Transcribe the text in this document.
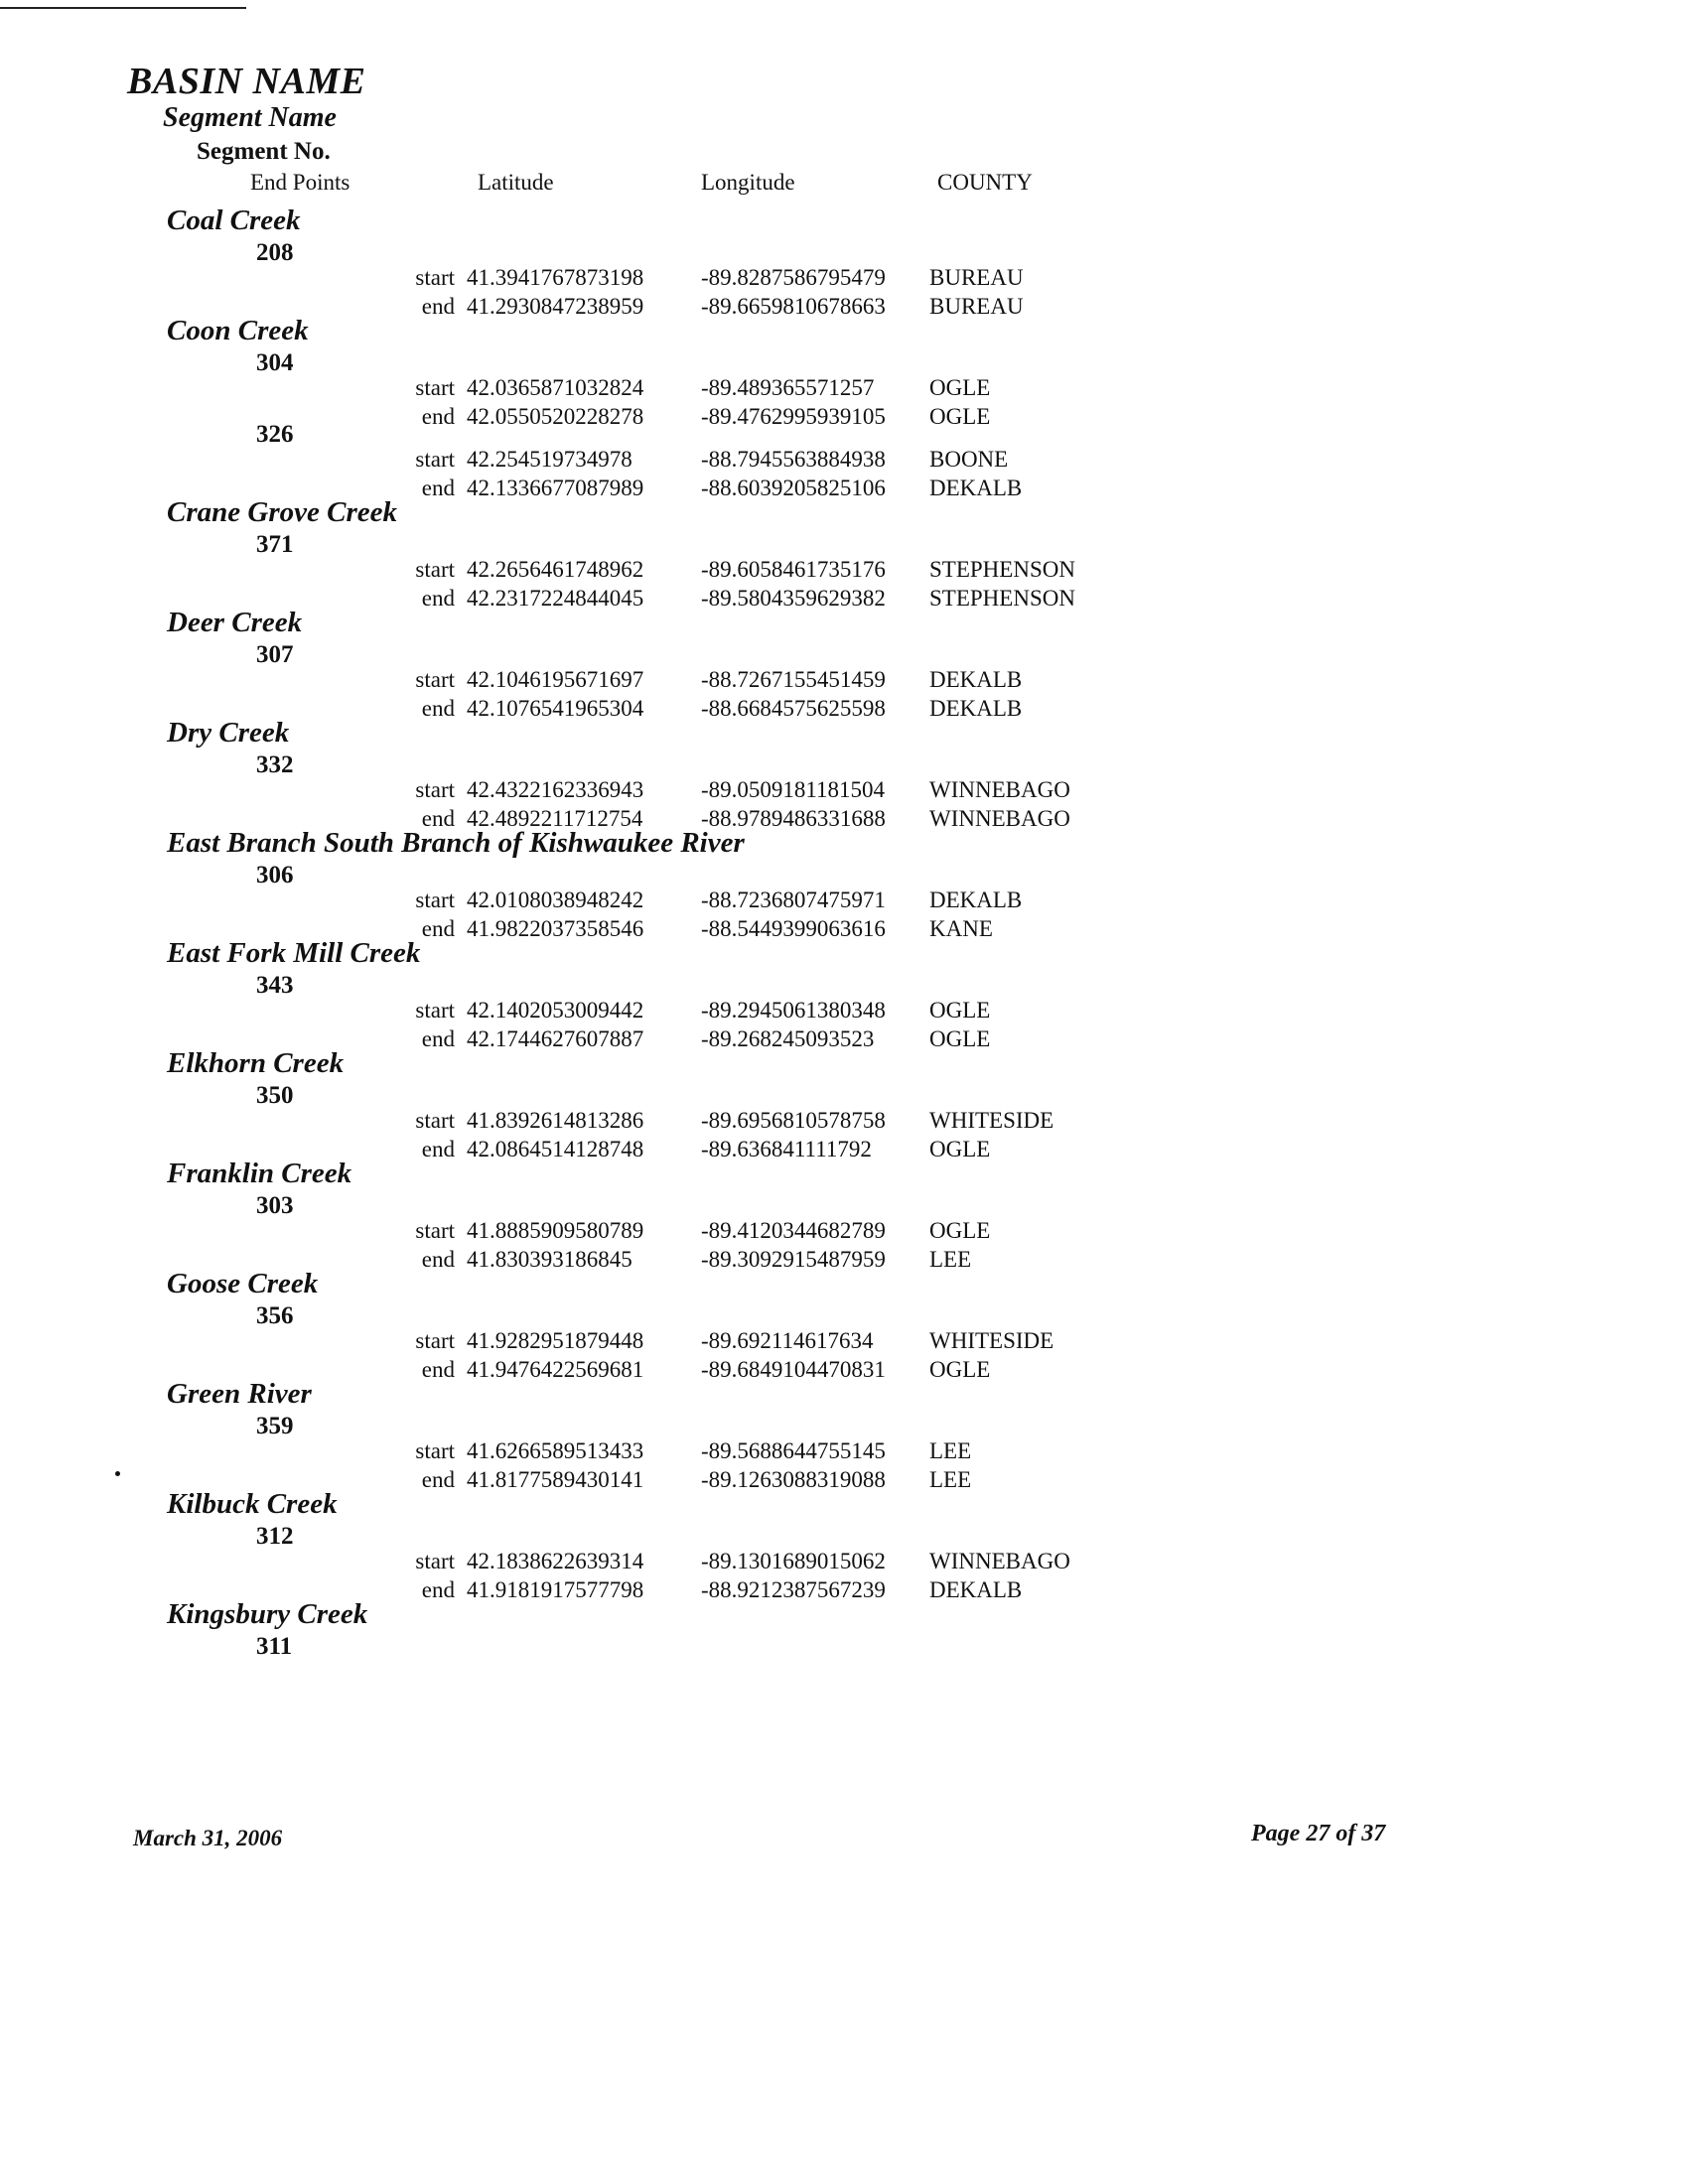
BASIN NAME
Segment Name
Segment No.
End Points	Latitude	Longitude	COUNTY
Coal Creek
208
start 41.3941767873198	-89.8287586795479 BUREAU
end 41.2930847238959	-89.6659810678663 BUREAU
Coon Creek
304
start 42.0365871032824	-89.489365571257 OGLE
end 42.0550520228278	-89.4762995939105 OGLE
326
start 42.254519734978	-88.7945563884938 BOONE
end 42.1336677087989	-88.6039205825106 DEKALB
Crane Grove Creek
371
start 42.2656461748962	-89.6058461735176 STEPHENSON
end 42.2317224844045	-89.5804359629382 STEPHENSON
Deer Creek
307
start 42.1046195671697	-88.7267155451459 DEKALB
end 42.1076541965304	-88.6684575625598 DEKALB
Dry Creek
332
start 42.4322162336943	-89.0509181181504 WINNEBAGO
end 42.4892211712754	-88.9789486331688 WINNEBAGO
East Branch South Branch of Kishwaukee River
306
start 42.0108038948242	-88.7236807475971 DEKALB
end 41.9822037358546	-88.5449399063616 KANE
East Fork Mill Creek
343
start 42.1402053009442	-89.2945061380348 OGLE
end 42.1744627607887	-89.268245093523 OGLE
Elkhorn Creek
350
start 41.8392614813286	-89.6956810578758 WHITESIDE
end 42.0864514128748	-89.636841111792	OGLE
Franklin Creek
303
start 41.8885909580789	-89.4120344682789 OGLE
end 41.830393186845	-89.3092915487959 LEE
Goose Creek
356
start 41.9282951879448	-89.692114617634 WHITESIDE
end 41.9476422569681	-89.6849104470831 OGLE
Green River
359
start 41.6266589513433	-89.5688644755145 LEE
end 41.8177589430141	-89.1263088319088 LEE
Kilbuck Creek
312
start 42.1838622639314	-89.1301689015062 WINNEBAGO
end 41.9181917577798	-88.9212387567239 DEKALB
Kingsbury Creek
311
March 31, 2006	Page 27 of 37
